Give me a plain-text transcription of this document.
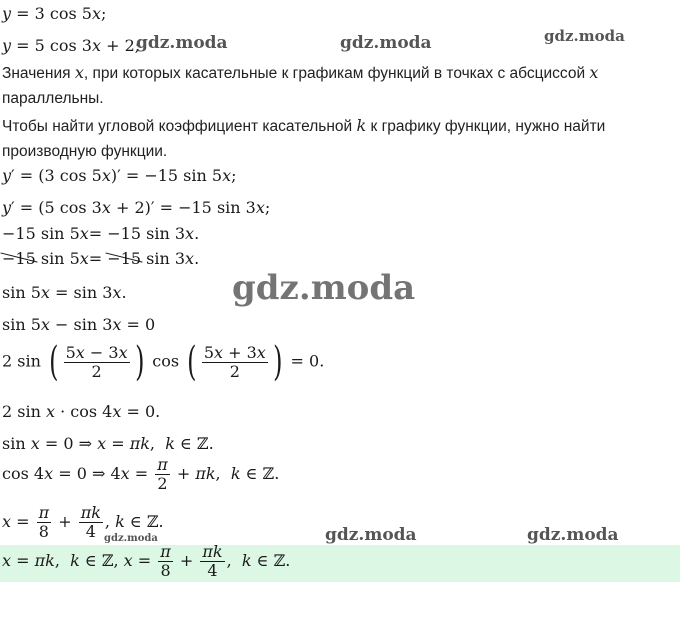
y = 3 cos 5x;
y = 5 cos 3x + 2;
Значения x, при которых касательные к графикам функций в точках с абсциссой x
параллельны.
Чтобы найти угловой коэффициент касательной k к графику функции, нужно найти
производную функции.
y′ = (3 cos 5x)′ = −15 sin 5x;
y′ = (5 cos 3x + 2)′ = −15 sin 3x;
−15 sin 5x= −15 sin 3x.
−15 sin 5x= −15 sin 3x.
sin 5x = sin 3x.
sin 5x − sin 3x = 0
2 sin ( $\frac{5x - 3x}{2}$ ) cos ( $\frac{5x + 3x}{2}$ ) = 0.
2 sin x · cos 4x = 0.
sin x = 0 ⇒ x = πk,  k ∈ ℤ.
cos 4x = 0 ⇒ $4x = \frac{\pi}{2} + \pi k$,  k ∈ ℤ.
$x = \frac{\pi}{8} + \frac{\pi k}{4}$ , k ∈ ℤ.
x = πk,  k ∈ ℤ, $x = \frac{\pi}{8} + \frac{\pi k}{4}$ ,  k ∈ ℤ.
gdz.moda	gdz.moda	gdz.moda
gdz.moda
gdz.moda	gdz.moda
gdz.moda
